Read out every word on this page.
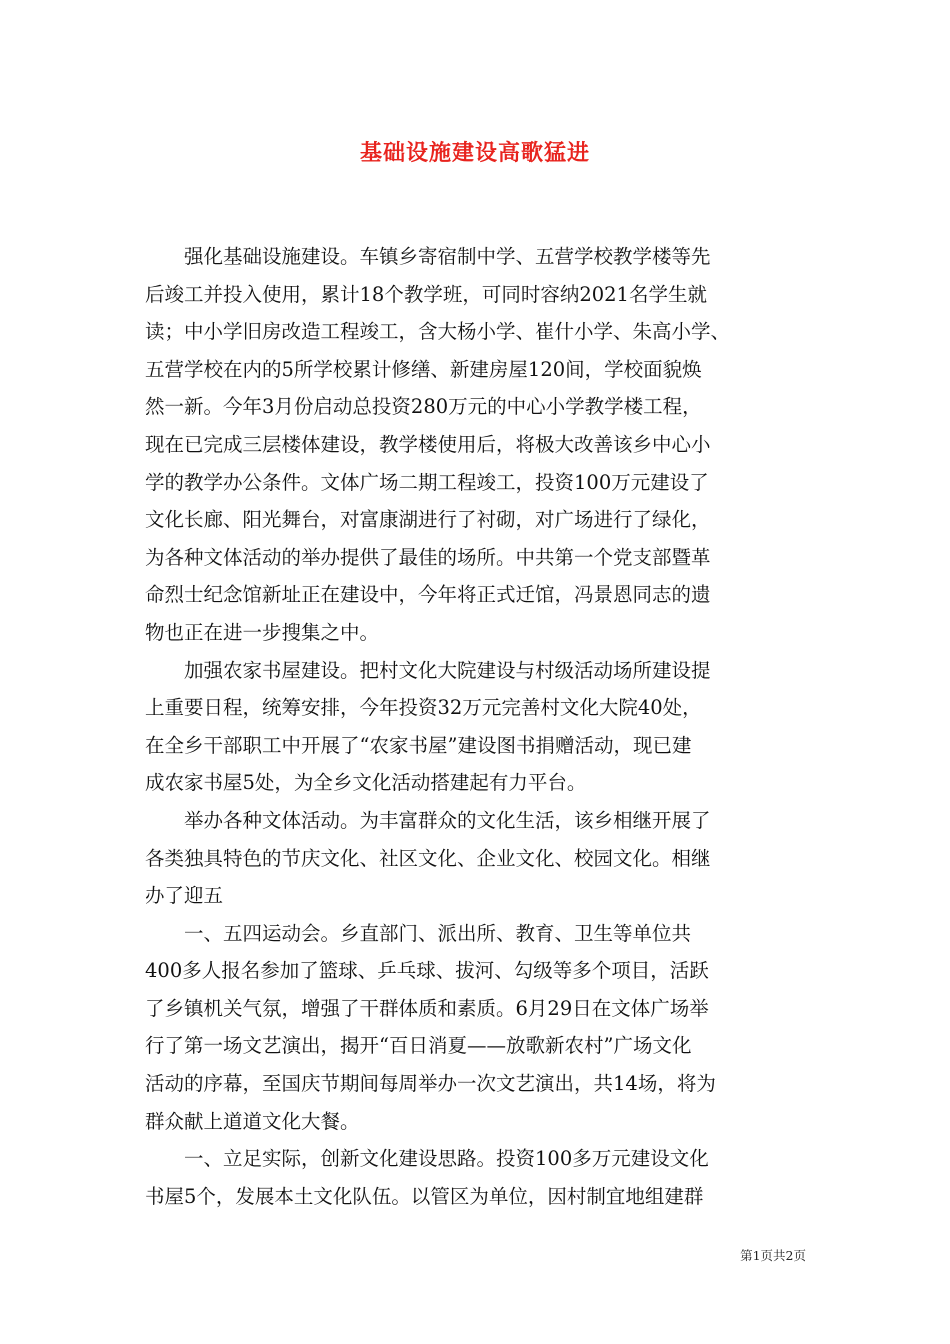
基础设施建设高歌猛进

　　强化基础设施建设。车镇乡寄宿制中学、五营学校教学楼等先

后竣工并投入使用，累计18个教学班，可同时容纳2021名学生就

读；中小学旧房改造工程竣工，含大杨小学、崔什小学、朱高小学、

五营学校在内的5所学校累计修缮、新建房屋120间，学校面貌焕

然一新。今年3月份启动总投资280万元的中心小学教学楼工程，

现在已完成三层楼体建设，教学楼使用后，将极大改善该乡中心小

学的教学办公条件。文体广场二期工程竣工，投资100万元建设了

文化长廊、阳光舞台，对富康湖进行了衬砌，对广场进行了绿化，

为各种文体活动的举办提供了最佳的场所。中共第一个党支部暨革

命烈士纪念馆新址正在建设中，今年将正式迁馆，冯景恩同志的遗

物也正在进一步搜集之中。

　　加强农家书屋建设。把村文化大院建设与村级活动场所建设提

上重要日程，统筹安排，今年投资32万元完善村文化大院40处，

在全乡干部职工中开展了“农家书屋”建设图书捐赠活动，现已建

成农家书屋5处，为全乡文化活动搭建起有力平台。

　　举办各种文体活动。为丰富群众的文化生活，该乡相继开展了

各类独具特色的节庆文化、社区文化、企业文化、校园文化。相继

办了迎五

　　一、五四运动会。乡直部门、派出所、教育、卫生等单位共

400多人报名参加了篮球、乒乓球、拔河、勾级等多个项目，活跃

了乡镇机关气氛，增强了干群体质和素质。6月29日在文体广场举

行了第一场文艺演出，揭开“百日消夏——放歌新农村”广场文化

活动的序幕，至国庆节期间每周举办一次文艺演出，共14场，将为

群众献上道道文化大餐。

　　一、立足实际，创新文化建设思路。投资100多万元建设文化

书屋5个，发展本土文化队伍。以管区为单位，因村制宜地组建群

第1页共2页
